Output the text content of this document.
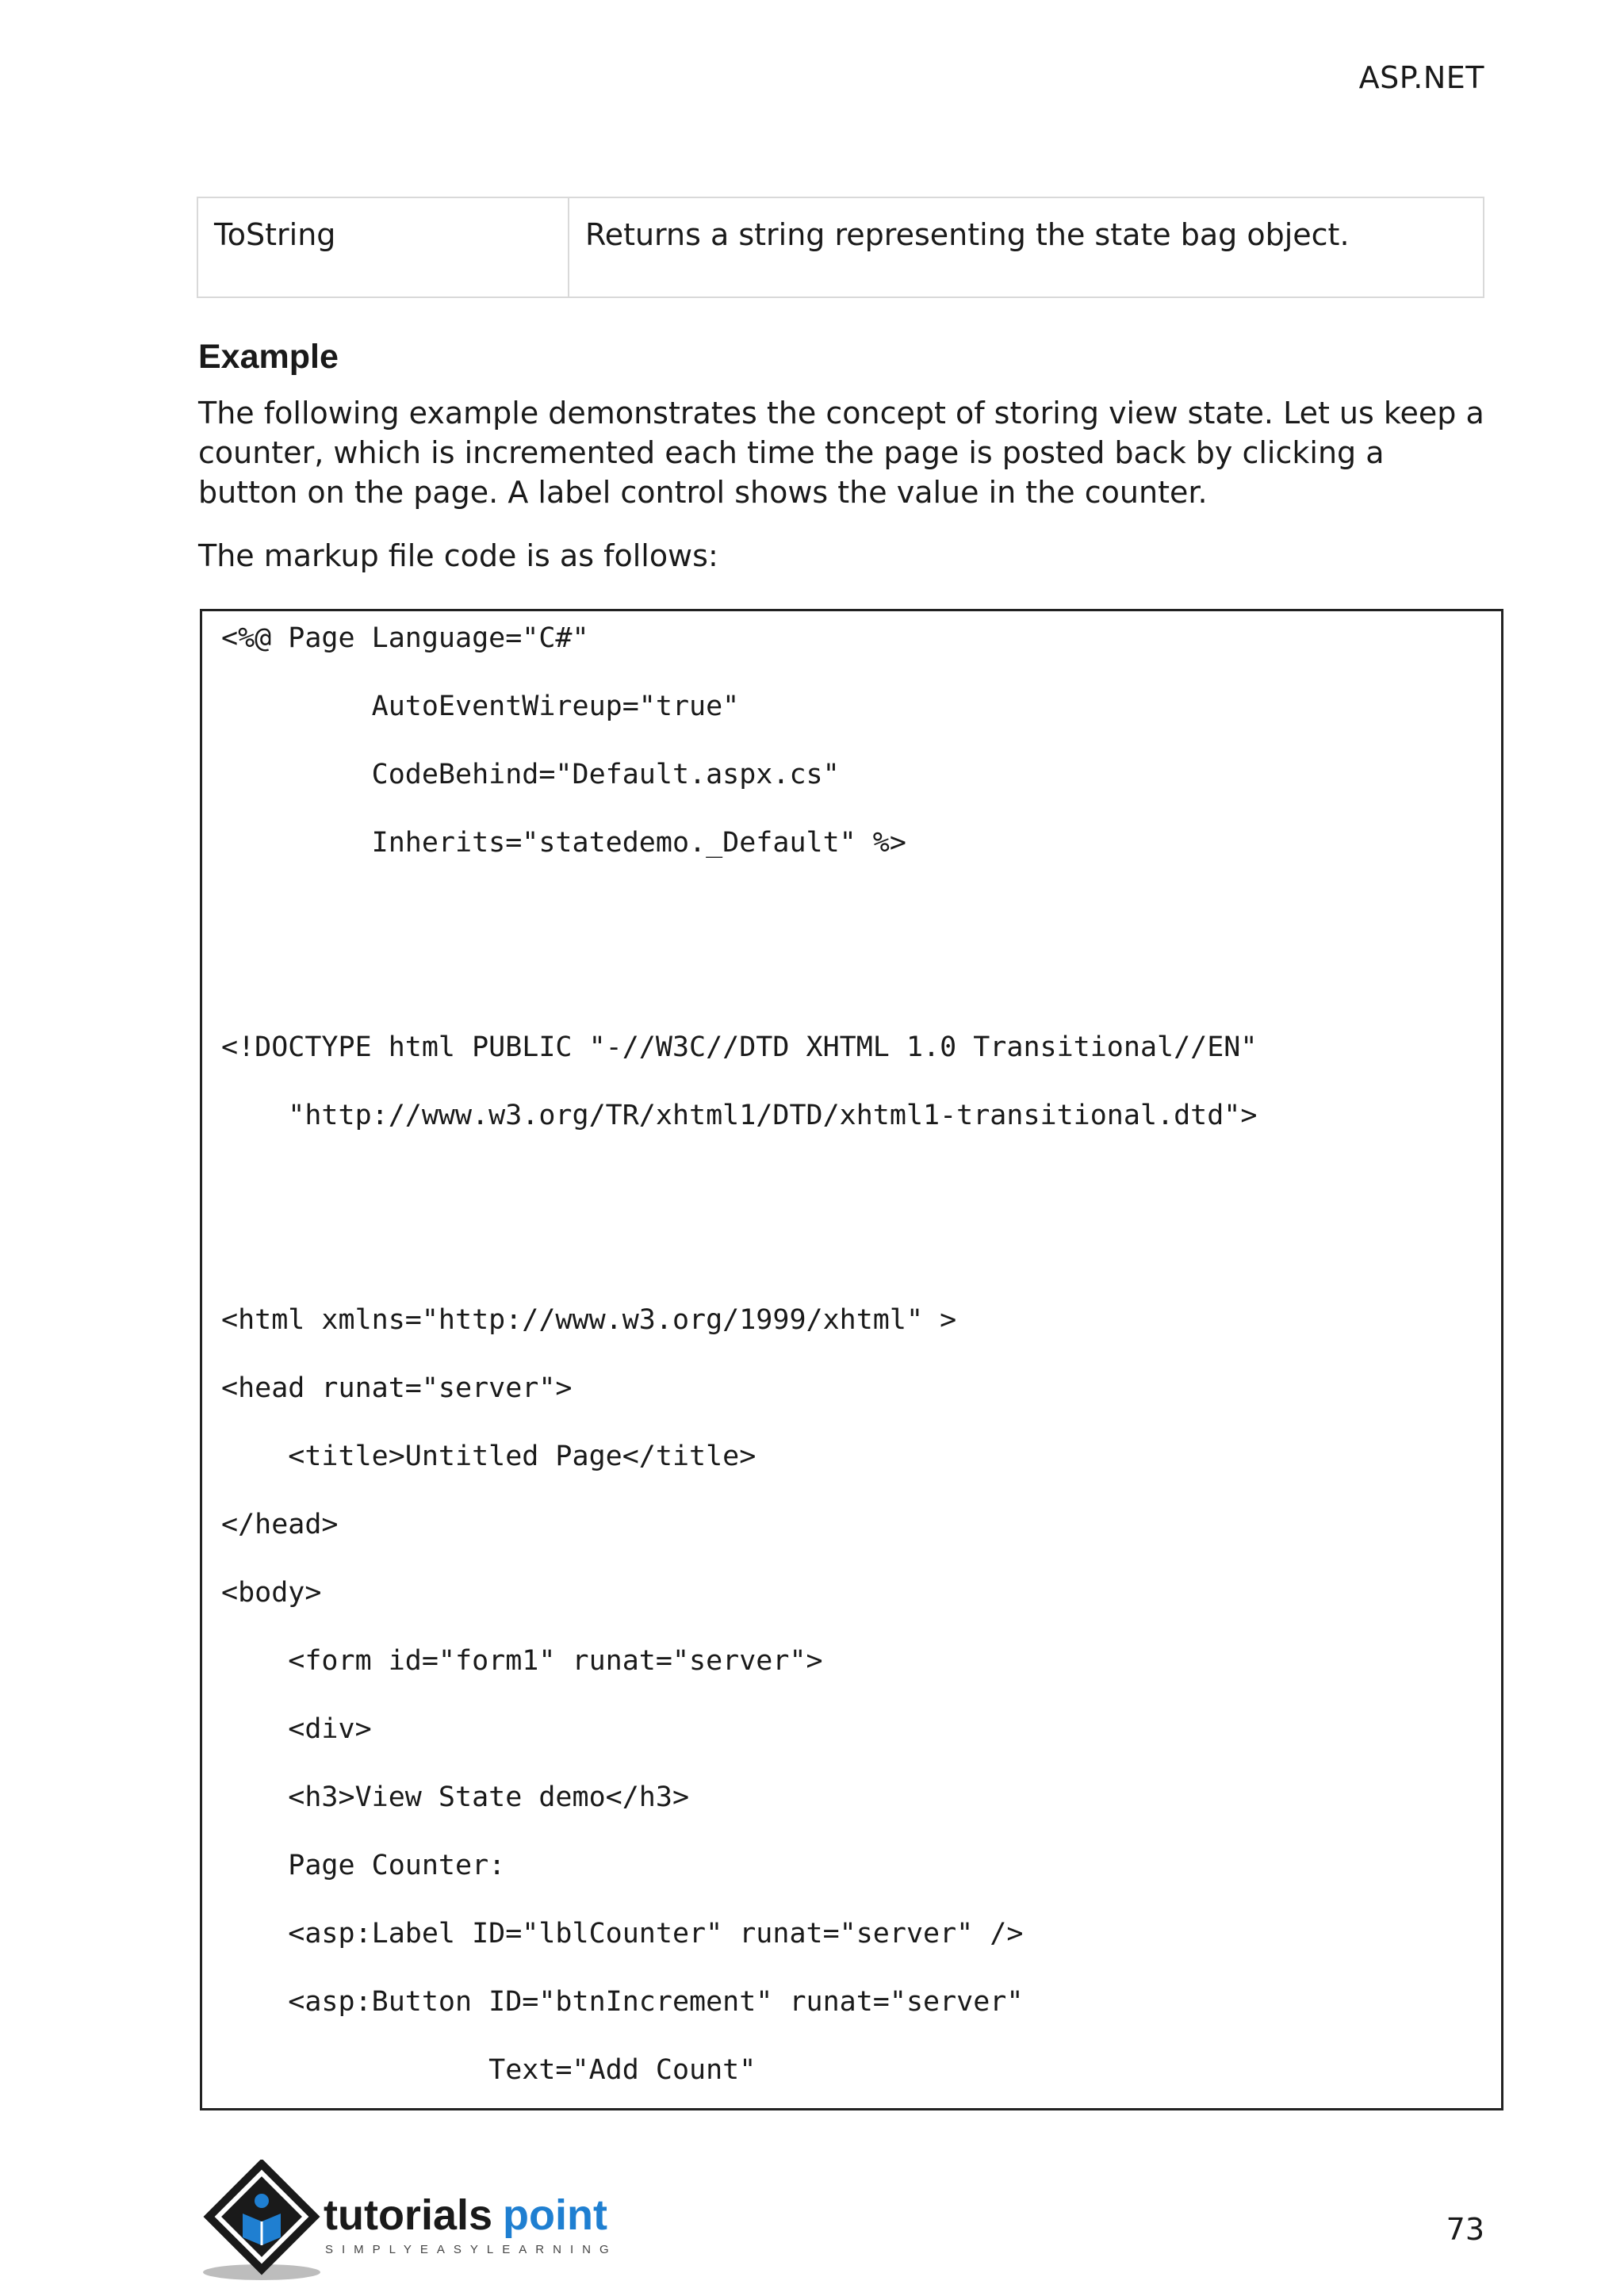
ASP.NET
ToString	Returns a string representing the state bag object.
Example
The following example demonstrates the concept of storing view state. Let us keep a counter, which is incremented each time the page is posted back by clicking a button on the page. A label control shows the value in the counter.
The markup file code is as follows:
<%@ Page Language="C#"
AutoEventWireup="true"
CodeBehind="Default.aspx.cs"
Inherits="statedemo._Default" %>
<!DOCTYPE html PUBLIC "-//W3C//DTD XHTML 1.0 Transitional//EN"
"http://www.w3.org/TR/xhtml1/DTD/xhtml1-transitional.dtd">
<html xmlns="http://www.w3.org/1999/xhtml" >
<head runat="server">
<title>Untitled Page</title>
</head>
<body>
<form id="form1" runat="server">
<div>
<h3>View State demo</h3>
Page Counter:
<asp:Label ID="lblCounter" runat="server" />
<asp:Button ID="btnIncrement" runat="server"
Text="Add Count"
tutorials point
SIMPLYEASYLEARNING
73
